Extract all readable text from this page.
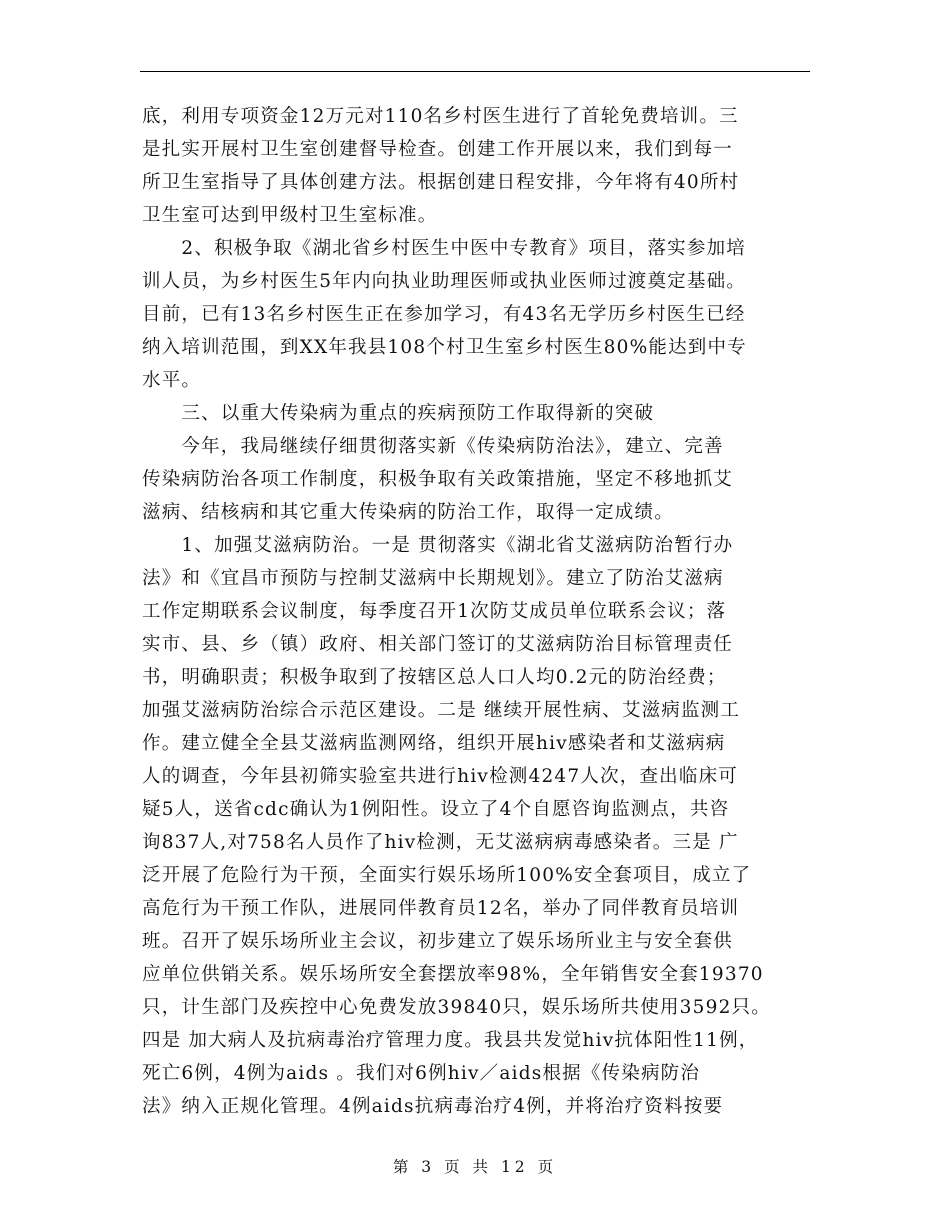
底，利用专项资金12万元对110名乡村医生进行了首轮免费培训。三
是扎实开展村卫生室创建督导检查。创建工作开展以来，我们到每一
所卫生室指导了具体创建方法。根据创建日程安排，今年将有40所村
卫生室可达到甲级村卫生室标准。
　　2、积极争取《湖北省乡村医生中医中专教育》项目，落实参加培
训人员，为乡村医生5年内向执业助理医师或执业医师过渡奠定基础。
目前，已有13名乡村医生正在参加学习，有43名无学历乡村医生已经
纳入培训范围，到XX年我县108个村卫生室乡村医生80%能达到中专
水平。
　　三、以重大传染病为重点的疾病预防工作取得新的突破
　　今年，我局继续仔细贯彻落实新《传染病防治法》，建立、完善
传染病防治各项工作制度，积极争取有关政策措施，坚定不移地抓艾
滋病、结核病和其它重大传染病的防治工作，取得一定成绩。
　　1、加强艾滋病防治。一是 贯彻落实《湖北省艾滋病防治暂行办
法》和《宜昌市预防与控制艾滋病中长期规划》。建立了防治艾滋病
工作定期联系会议制度，每季度召开1次防艾成员单位联系会议；落
实市、县、乡（镇）政府、相关部门签订的艾滋病防治目标管理责任
书，明确职责；积极争取到了按辖区总人口人均0.2元的防治经费；
加强艾滋病防治综合示范区建设。二是 继续开展性病、艾滋病监测工
作。建立健全全县艾滋病监测网络，组织开展hiv感染者和艾滋病病
人的调查，今年县初筛实验室共进行hiv检测4247人次，查出临床可
疑5人，送省cdc确认为1例阳性。设立了4个自愿咨询监测点，共咨
询837人,对758名人员作了hiv检测，无艾滋病病毒感染者。三是 广
泛开展了危险行为干预，全面实行娱乐场所100%安全套项目，成立了
高危行为干预工作队，进展同伴教育员12名，举办了同伴教育员培训
班。召开了娱乐场所业主会议，初步建立了娱乐场所业主与安全套供
应单位供销关系。娱乐场所安全套摆放率98%，全年销售安全套19370
只，计生部门及疾控中心免费发放39840只，娱乐场所共使用3592只。
四是 加大病人及抗病毒治疗管理力度。我县共发觉hiv抗体阳性11例，
死亡6例，4例为aids 。我们对6例hiv／aids根据《传染病防治
法》纳入正规化管理。4例aids抗病毒治疗4例，并将治疗资料按要
第 3 页 共 12 页
